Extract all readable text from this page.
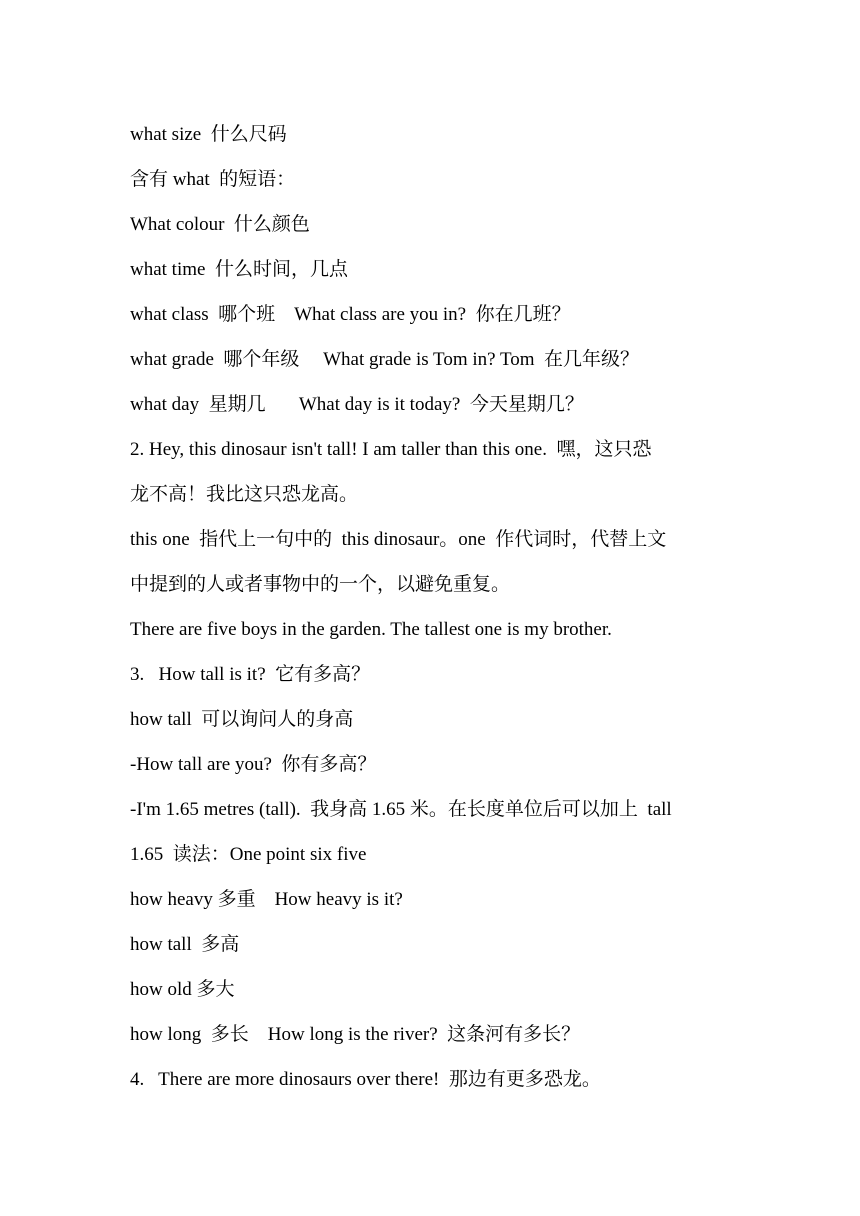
what size  什么尺码
含有 what  的短语：
What colour  什么颜色
what time  什么时间，几点
what class  哪个班    What class are you in?  你在几班？
what grade  哪个年级     What grade is Tom in? Tom  在几年级？
what day  星期几       What day is it today?  今天星期几？
2. Hey, this dinosaur isn't tall! I am taller than this one.  嘿，这只恐
龙不高！我比这只恐龙高。
this one  指代上一句中的  this dinosaur。one  作代词时，代替上文
中提到的人或者事物中的一个，以避免重复。
There are five boys in the garden. The tallest one is my brother.
3.   How tall is it?  它有多高？
how tall  可以询问人的身高
-How tall are you?  你有多高？
-I'm 1.65 metres (tall).  我身高 1.65 米。在长度单位后可以加上  tall
1.65  读法：One point six five
how heavy 多重    How heavy is it?
how tall  多高
how old 多大
how long  多长    How long is the river?  这条河有多长？
4.   There are more dinosaurs over there!  那边有更多恐龙。
